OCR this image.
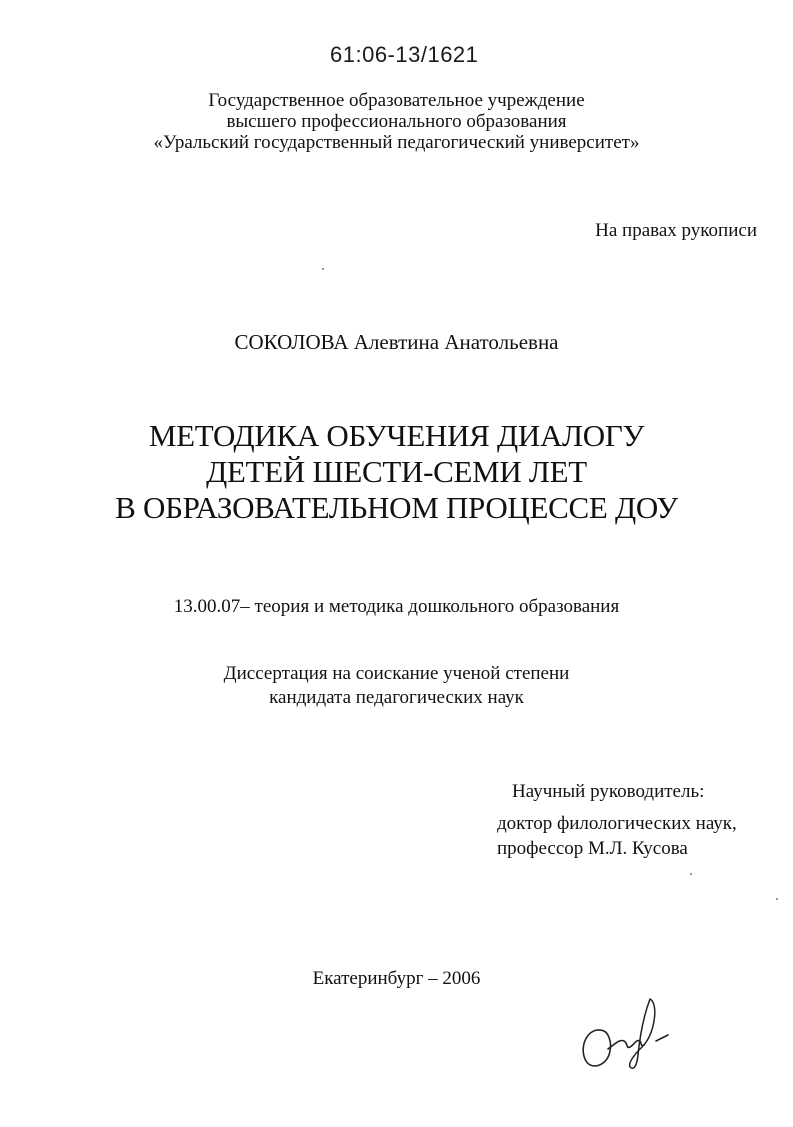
61:06-13/1621
Государственное образовательное учреждение
высшего профессионального образования
«Уральский государственный педагогический университет»
На правах рукописи
СОКОЛОВА Алевтина Анатольевна
МЕТОДИКА ОБУЧЕНИЯ ДИАЛОГУ
ДЕТЕЙ ШЕСТИ-СЕМИ ЛЕТ
В ОБРАЗОВАТЕЛЬНОМ ПРОЦЕССЕ ДОУ
13.00.07– теория и методика дошкольного образования
Диссертация на соискание ученой степени
кандидата педагогических наук
Научный руководитель:
доктор филологических наук,
профессор М.Л. Кусова
Екатеринбург – 2006
